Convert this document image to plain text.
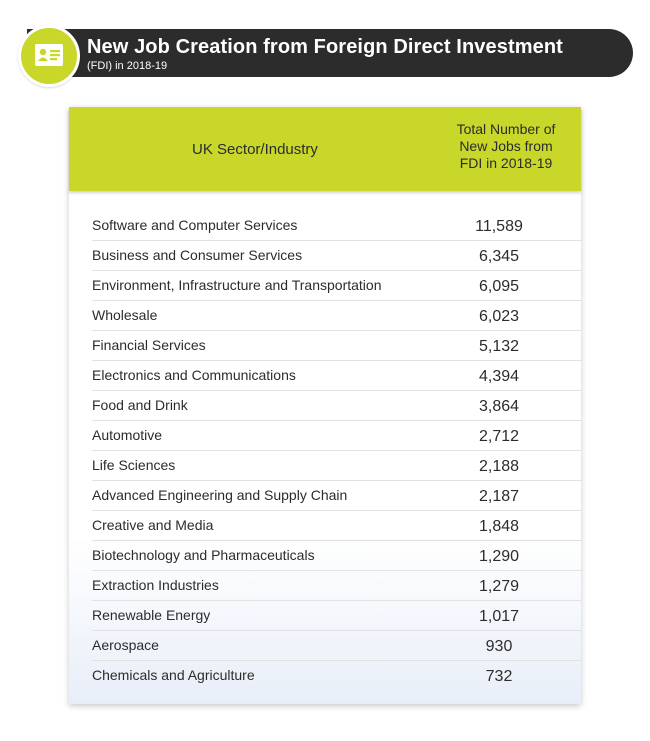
New Job Creation from Foreign Direct Investment
(FDI) in 2018-19
UK Sector/Industry
Total Number of
New Jobs from
FDI in 2018-19
Software and Computer Services	11,589
Business and Consumer Services	6,345
Environment, Infrastructure and Transportation	6,095
Wholesale	6,023
Financial Services	5,132
Electronics and Communications	4,394
Food and Drink	3,864
Automotive	2,712
Life Sciences	2,188
Advanced Engineering and Supply Chain	2,187
Creative and Media	1,848
Biotechnology and Pharmaceuticals	1,290
Extraction Industries	1,279
Renewable Energy	1,017
Aerospace	930
Chemicals and Agriculture	732
